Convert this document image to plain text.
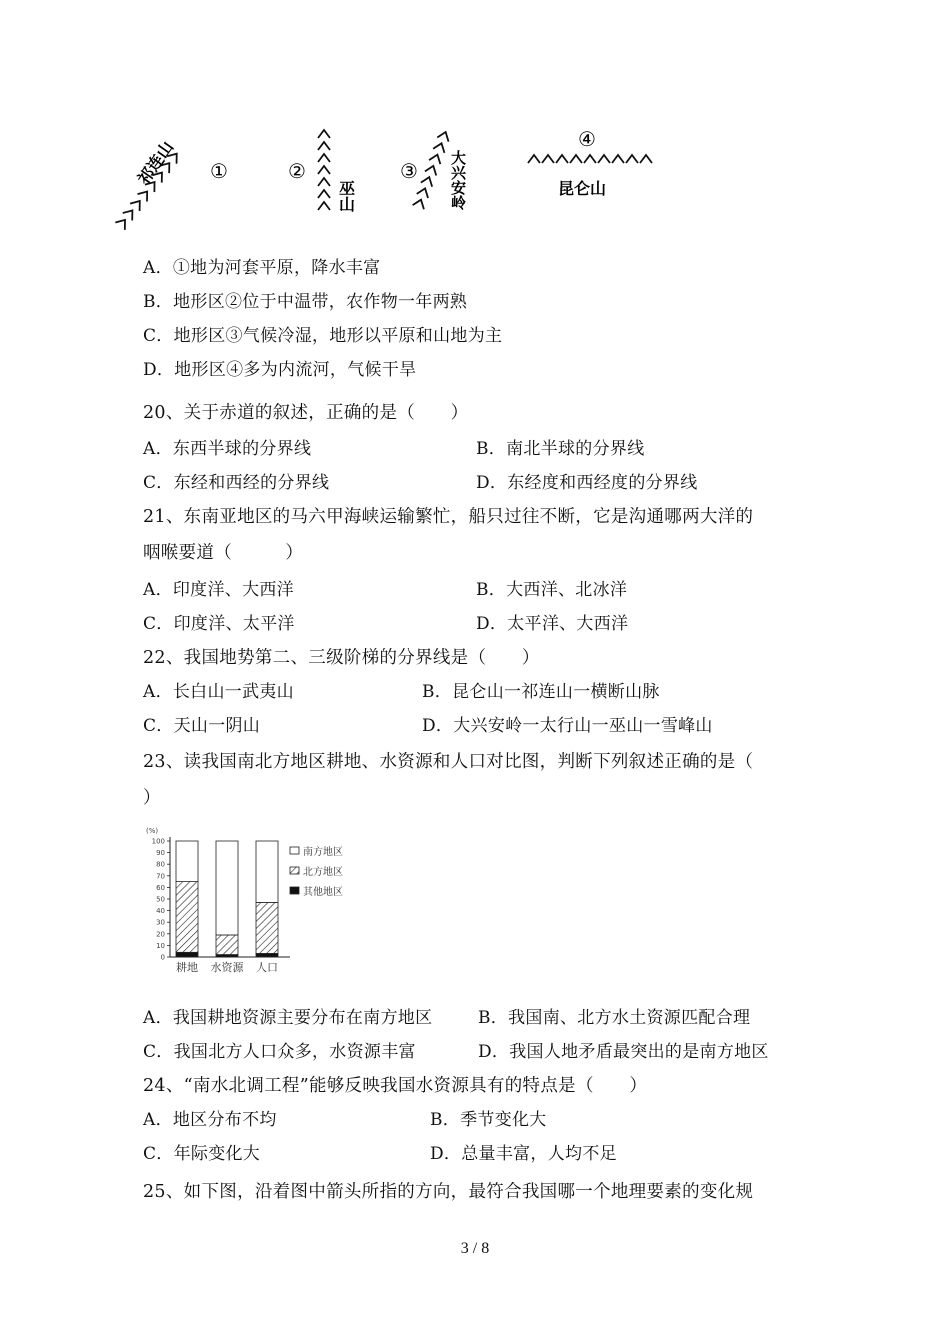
祁连山 ①	②
巫山
③ 大兴安岭
④
昆仑山
A．①地为河套平原，降水丰富
B．地形区②位于中温带，农作物一年两熟
C．地形区③气候冷湿，地形以平原和山地为主
D．地形区④多为内流河，气候干旱
20、关于赤道的叙述，正确的是（　　）
A．东西半球的分界线	B．南北半球的分界线
C．东经和西经的分界线	D．东经度和西经度的分界线
21、东南亚地区的马六甲海峡运输繁忙，船只过往不断，它是沟通哪两大洋的
咽喉要道（　　　）
A．印度洋、大西洋	B．大西洋、北冰洋
C．印度洋、太平洋	D．太平洋、大西洋
22、我国地势第二、三级阶梯的分界线是（　　）
A．长白山一武夷山	B．昆仑山一祁连山一横断山脉
C．天山一阴山	D．大兴安岭一太行山一巫山一雪峰山
23、读我国南北方地区耕地、水资源和人口对比图，判断下列叙述正确的是（
）
(%)
0
10
20
30
40
50
60
70
80
90
100
耕地 水资源 人口
南方地区
北方地区
其他地区
A．我国耕地资源主要分布在南方地区	B．我国南、北方水土资源匹配合理
C．我国北方人口众多，水资源丰富	D．我国人地矛盾最突出的是南方地区
24、“南水北调工程”能够反映我国水资源具有的特点是（　　）
A．地区分布不均	B．季节变化大
C．年际变化大	D．总量丰富，人均不足
25、如下图，沿着图中箭头所指的方向，最符合我国哪一个地理要素的变化规
3 / 8
